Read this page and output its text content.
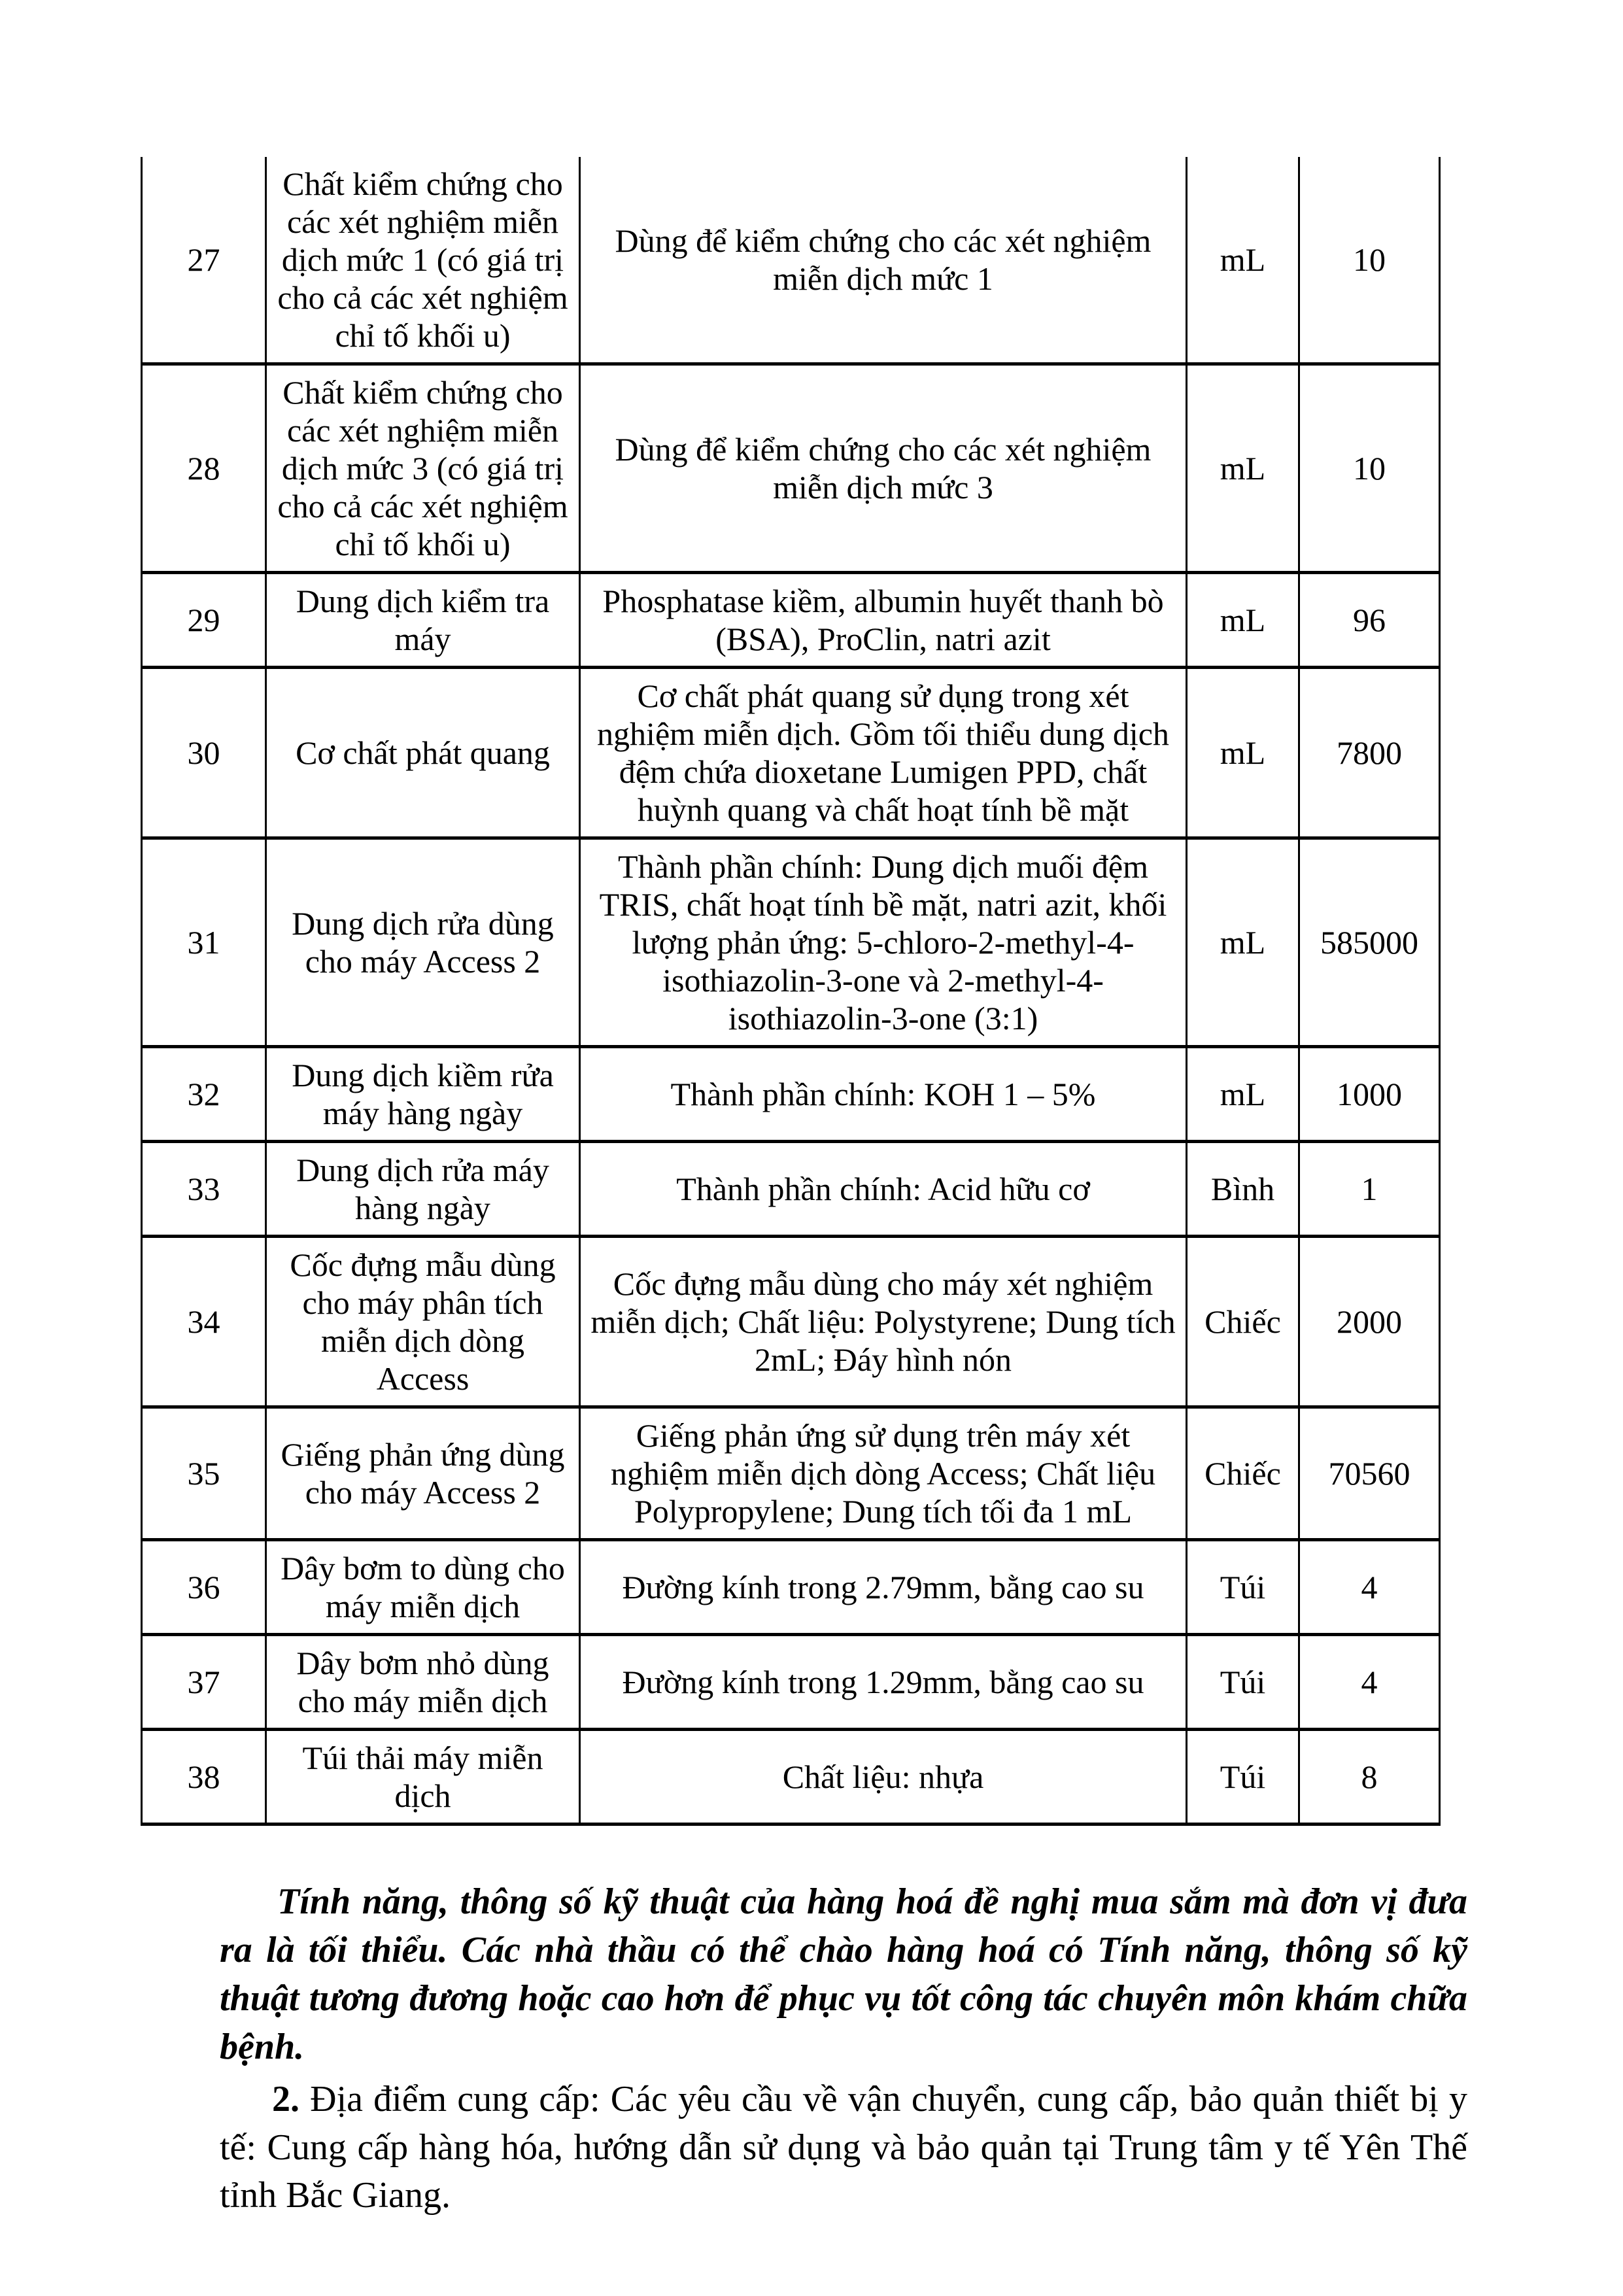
27	Chất kiểm chứng cho các xét nghiệm miễn dịch mức 1 (có giá trị cho cả các xét nghiệm chỉ tố khối u)	Dùng để kiểm chứng cho các xét nghiệm miễn dịch mức 1	mL	10
28	Chất kiểm chứng cho các xét nghiệm miễn dịch mức 3 (có giá trị cho cả các xét nghiệm chỉ tố khối u)	Dùng để kiểm chứng cho các xét nghiệm miễn dịch mức 3	mL	10
29	Dung dịch kiểm tra máy	Phosphatase kiềm, albumin huyết thanh bò (BSA), ProClin, natri azit	mL	96
30	Cơ chất phát quang	Cơ chất phát quang sử dụng trong xét nghiệm miễn dịch. Gồm tối thiểu dung dịch đệm chứa dioxetane Lumigen PPD, chất huỳnh quang và chất hoạt tính bề mặt	mL	7800
31	Dung dịch rửa dùng cho máy Access 2	Thành phần chính: Dung dịch muối đệm TRIS, chất hoạt tính bề mặt, natri azit, khối lượng phản ứng: 5-chloro-2-methyl-4-isothiazolin-3-one và 2-methyl-4-isothiazolin-3-one (3:1)	mL	585000
32	Dung dịch kiềm rửa máy hàng ngày	Thành phần chính: KOH 1 – 5%	mL	1000
33	Dung dịch rửa máy hàng ngày	Thành phần chính: Acid hữu cơ	Bình	1
34	Cốc đựng mẫu dùng cho máy phân tích miễn dịch dòng Access	Cốc đựng mẫu dùng cho máy xét nghiệm miễn dịch; Chất liệu: Polystyrene; Dung tích 2mL; Đáy hình nón	Chiếc	2000
35	Giếng phản ứng dùng cho máy Access 2	Giếng phản ứng sử dụng trên máy xét nghiệm miễn dịch dòng Access; Chất liệu Polypropylene; Dung tích tối đa 1 mL	Chiếc	70560
36	Dây bơm to dùng cho máy miễn dịch	Đường kính trong 2.79mm, bằng cao su	Túi	4
37	Dây bơm nhỏ dùng cho máy miễn dịch	Đường kính trong 1.29mm, bằng cao su	Túi	4
38	Túi thải máy miễn dịch	Chất liệu: nhựa	Túi	8

Tính năng, thông số kỹ thuật của hàng hoá đề nghị mua sắm mà đơn vị đưa ra là tối thiểu. Các nhà thầu có thể chào hàng hoá có Tính năng, thông số kỹ thuật tương đương hoặc cao hơn để phục vụ tốt công tác chuyên môn khám chữa bệnh.

2. Địa điểm cung cấp: Các yêu cầu về vận chuyển, cung cấp, bảo quản thiết bị y tế: Cung cấp hàng hóa, hướng dẫn sử dụng và bảo quản tại Trung tâm y tế Yên Thế tỉnh Bắc Giang.
